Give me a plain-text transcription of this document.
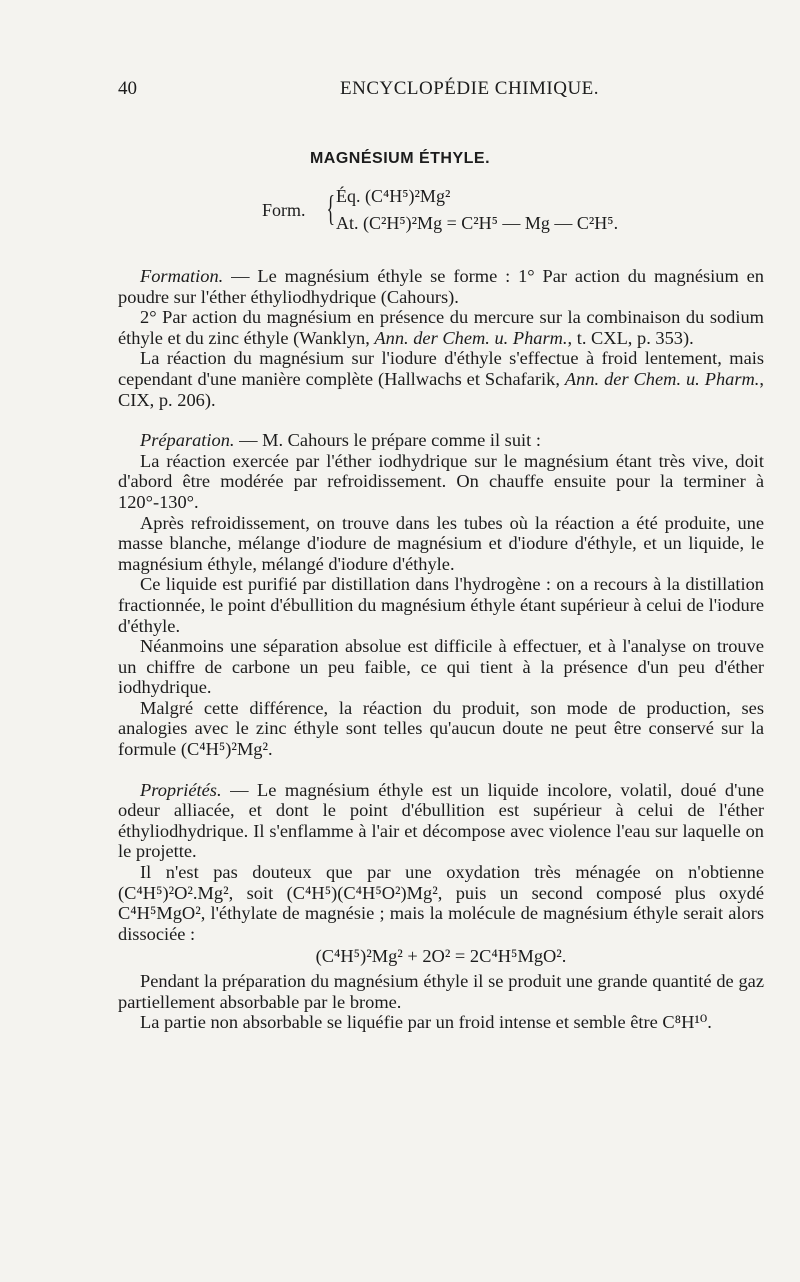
40	ENCYCLOPÉDIE CHIMIQUE.
MAGNÉSIUM ÉTHYLE.
Form. { Éq. (C⁴H⁵)²Mg²
At. (C²H⁵)²Mg = C²H⁵ — Mg — C²H⁵.

Formation. — Le magnésium éthyle se forme : 1° Par action du magnésium en poudre sur l'éther éthyliodhydrique (Cahours).

2° Par action du magnésium en présence du mercure sur la combinaison du sodium éthyle et du zinc éthyle (Wanklyn, Ann. der Chem. u. Pharm., t. CXL, p. 353).

La réaction du magnésium sur l'iodure d'éthyle s'effectue à froid lentement, mais cependant d'une manière complète (Hallwachs et Schafarik, Ann. der Chem. u. Pharm., CIX, p. 206).

Préparation. — M. Cahours le prépare comme il suit :

La réaction exercée par l'éther iodhydrique sur le magnésium étant très vive, doit d'abord être modérée par refroidissement. On chauffe ensuite pour la terminer à 120°-130°.

Après refroidissement, on trouve dans les tubes où la réaction a été produite, une masse blanche, mélange d'iodure de magnésium et d'iodure d'éthyle, et un liquide, le magnésium éthyle, mélangé d'iodure d'éthyle.

Ce liquide est purifié par distillation dans l'hydrogène : on a recours à la distillation fractionnée, le point d'ébullition du magnésium éthyle étant supérieur à celui de l'iodure d'éthyle.

Néanmoins une séparation absolue est difficile à effectuer, et à l'analyse on trouve un chiffre de carbone un peu faible, ce qui tient à la présence d'un peu d'éther iodhydrique.

Malgré cette différence, la réaction du produit, son mode de production, ses analogies avec le zinc éthyle sont telles qu'aucun doute ne peut être conservé sur la formule (C⁴H⁵)²Mg².

Propriétés. — Le magnésium éthyle est un liquide incolore, volatil, doué d'une odeur alliacée, et dont le point d'ébullition est supérieur à celui de l'éther éthyliodhydrique. Il s'enflamme à l'air et décompose avec violence l'eau sur laquelle on le projette.

Il n'est pas douteux que par une oxydation très ménagée on n'obtienne (C⁴H⁵)²O².Mg², soit (C⁴H⁵)(C⁴H⁵O²)Mg², puis un second composé plus oxydé C⁴H⁵MgO², l'éthylate de magnésie ; mais la molécule de magnésium éthyle serait alors dissociée :

(C⁴H⁵)²Mg² + 2O² = 2C⁴H⁵MgO².

Pendant la préparation du magnésium éthyle il se produit une grande quantité de gaz partiellement absorbable par le brome.

La partie non absorbable se liquéfie par un froid intense et semble être C⁸H¹⁰.
